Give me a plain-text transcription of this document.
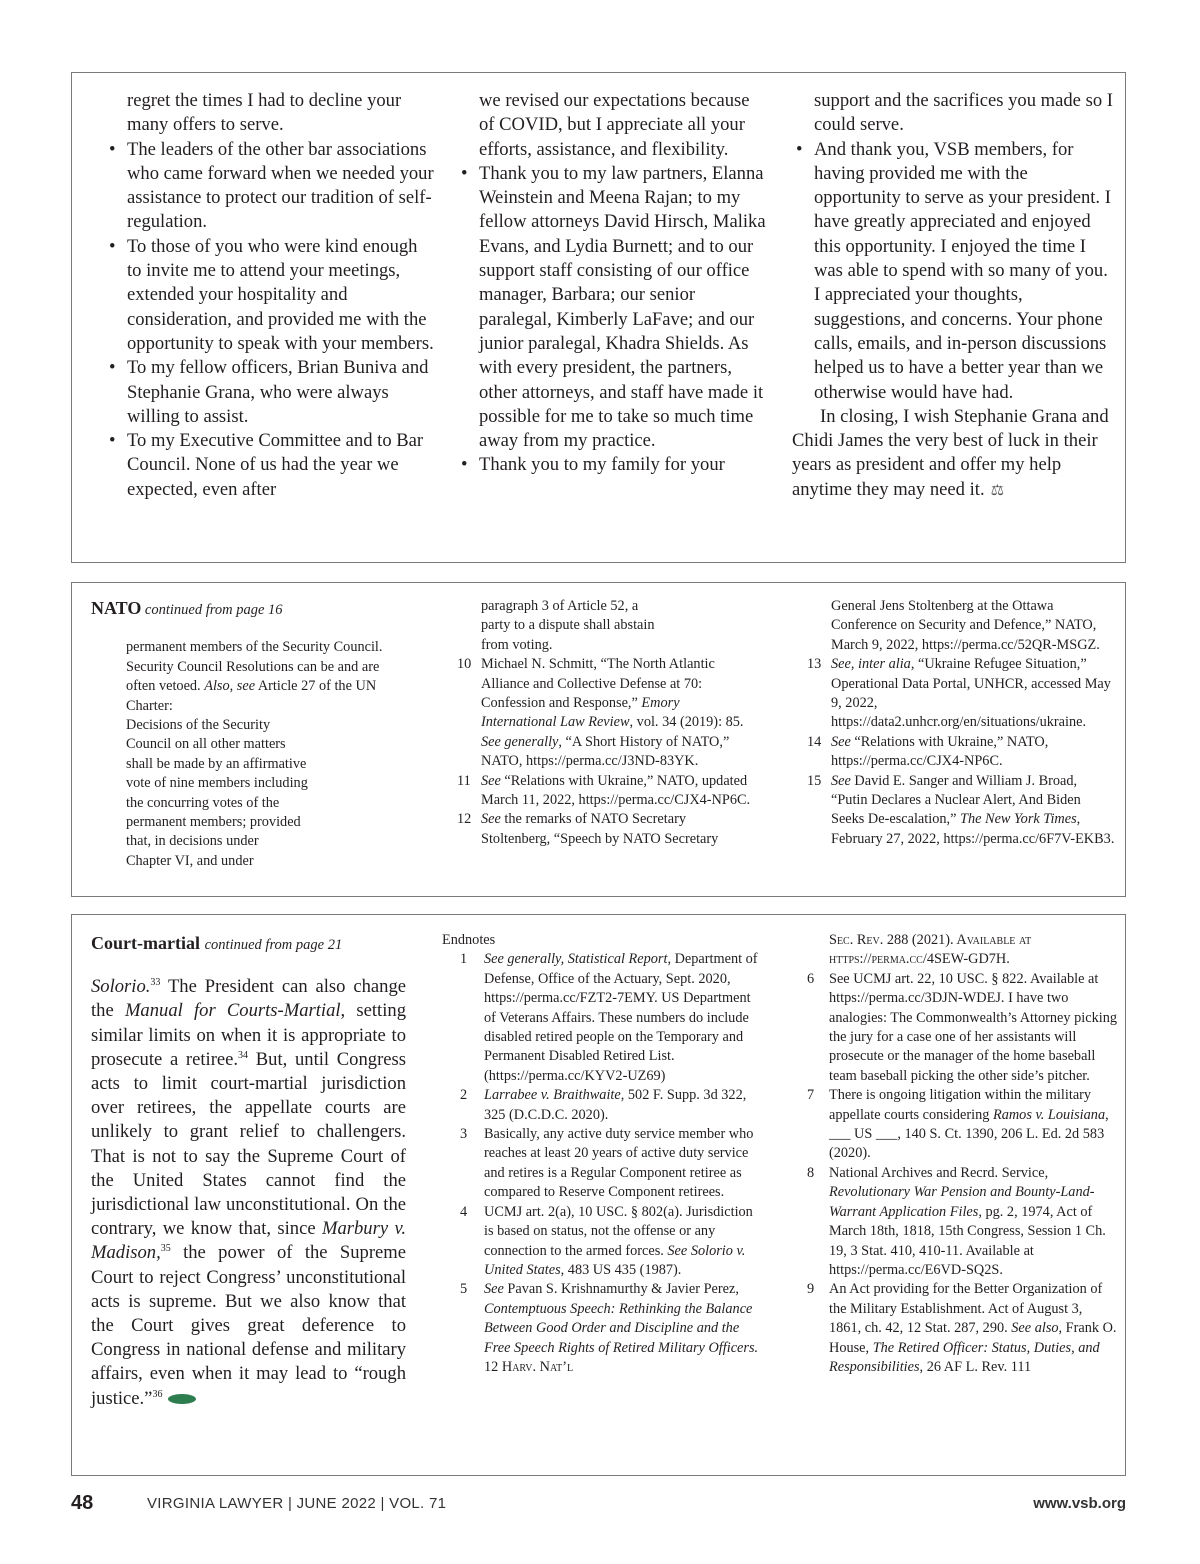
regret the times I had to decline your many offers to serve.

• The leaders of the other bar associations who came forward when we needed your assistance to protect our tradition of self-regulation.

• To those of you who were kind enough to invite me to attend your meetings, extended your hospitality and consideration, and provided me with the opportunity to speak with your members.

• To my fellow officers, Brian Buniva and Stephanie Grana, who were always willing to assist.

• To my Executive Committee and to Bar Council. None of us had the year we expected, even after

we revised our expectations because of COVID, but I appreciate all your efforts, assistance, and flexibility.

• Thank you to my law partners, Elanna Weinstein and Meena Rajan; to my fellow attorneys David Hirsch, Malika Evans, and Lydia Burnett; and to our support staff consisting of our office manager, Barbara; our senior paralegal, Kimberly LaFave; and our junior paralegal, Khadra Shields. As with every president, the partners, other attorneys, and staff have made it possible for me to take so much time away from my practice.

• Thank you to my family for your

support and the sacrifices you made so I could serve.

• And thank you, VSB members, for having provided me with the opportunity to serve as your president. I have greatly appreciated and enjoyed this opportunity. I enjoyed the time I was able to spend with so many of you. I appreciated your thoughts, suggestions, and concerns. Your phone calls, emails, and in-person discussions helped us to have a better year than we otherwise would have had.

In closing, I wish Stephanie Grana and Chidi James the very best of luck in their years as president and offer my help anytime they may need it. ⚖

NATO continued from page 16

permanent members of the Security Council. Security Council Resolutions can be and are often vetoed. Also, see Article 27 of the UN Charter:

Decisions of the Security
Council on all other matters
shall be made by an affirmative
vote of nine members including
the concurring votes of the
permanent members; provided
that, in decisions under
Chapter VI, and under
paragraph 3 of Article 52, a
party to a dispute shall abstain
from voting.
10 Michael N. Schmitt, “The North Atlantic Alliance and Collective Defense at 70: Confession and Response,” Emory International Law Review, vol. 34 (2019): 85. See generally, “A Short History of NATO,” NATO, https://perma.cc/J3ND-83YK.
11 See “Relations with Ukraine,” NATO, updated March 11, 2022, https://perma.cc/CJX4-NP6C.
12 See the remarks of NATO Secretary Stoltenberg, “Speech by NATO Secretary
General Jens Stoltenberg at the Ottawa Conference on Security and Defence,” NATO, March 9, 2022, https://perma.cc/52QR-MSGZ.
13 See, inter alia, “Ukraine Refugee Situation,” Operational Data Portal, UNHCR, accessed May 9, 2022, https://data2.unhcr.org/en/situations/ukraine.
14 See “Relations with Ukraine,” NATO, https://perma.cc/CJX4-NP6C.
15 See David E. Sanger and William J. Broad, “Putin Declares a Nuclear Alert, And Biden Seeks De-escalation,” The New York Times, February 27, 2022, https://perma.cc/6F7V-EKB3.
Court-martial continued from page 21

Solorio.$^{33}$ The President can also change the Manual for Courts-Martial, setting similar limits on when it is appropriate to prosecute a retiree.$^{34}$ But, until Congress acts to limit court-martial jurisdiction over retirees, the appellate courts are unlikely to grant relief to challengers. That is not to say the Supreme Court of the United States cannot find the jurisdictional law unconstitutional. On the contrary, we know that, since Marbury v. Madison,$^{35}$ the power of the Supreme Court to reject Congress’ unconstitutional acts is supreme. But we also know that the Court gives great deference to Congress in national defense and military affairs, even when it may lead to “rough justice.”$^{36}$

Endnotes
1	See generally, Statistical Report, Department of Defense, Office of the Actuary, Sept. 2020, https://perma.cc/FZT2-7EMY. US Department of Veterans Affairs. These numbers do include disabled retired people on the Temporary and Permanent Disabled Retired List. (https://perma.cc/KYV2-UZ69)
2	Larrabee v. Braithwaite, 502 F. Supp. 3d 322, 325 (D.C.D.C. 2020).
3	Basically, any active duty service member who reaches at least 20 years of active duty service and retires is a Regular Component retiree as compared to Reserve Component retirees.
4	UCMJ art. 2(a), 10 USC. § 802(a). Jurisdiction is based on status, not the offense or any connection to the armed forces. See Solorio v. United States, 483 US 435 (1987).
5	See Pavan S. Krishnamurthy & Javier Perez, Contemptuous Speech: Rethinking the Balance Between Good Order and Discipline and the Free Speech Rights of Retired Military Officers. 12 Harv. Nat’l
Sec. Rev. 288 (2021). Available at https://perma.cc/4SEW-GD7H.
6	See UCMJ art. 22, 10 USC. § 822. Available at https://perma.cc/3DJN-WDEJ. I have two analogies: The Commonwealth’s Attorney picking the jury for a case one of her assistants will prosecute or the manager of the home baseball team baseball picking the other side’s pitcher.
7	There is ongoing litigation within the military appellate courts considering Ramos v. Louisiana, ___ US ___, 140 S. Ct. 1390, 206 L. Ed. 2d 583 (2020).
8	National Archives and Recrd. Service, Revolutionary War Pension and Bounty-Land-Warrant Application Files, pg. 2, 1974, Act of March 18th, 1818, 15th Congress, Session 1 Ch. 19, 3 Stat. 410, 410-11. Available at https://perma.cc/E6VD-SQ2S.
9	An Act providing for the Better Organization of the Military Establishment. Act of August 3, 1861, ch. 42, 12 Stat. 287, 290. See also, Frank O. House, The Retired Officer: Status, Duties, and Responsibilities, 26 AF L. Rev. 111
48	VIRGINIA LAWYER | JUNE 2022 | VOL. 71	www.vsb.org
